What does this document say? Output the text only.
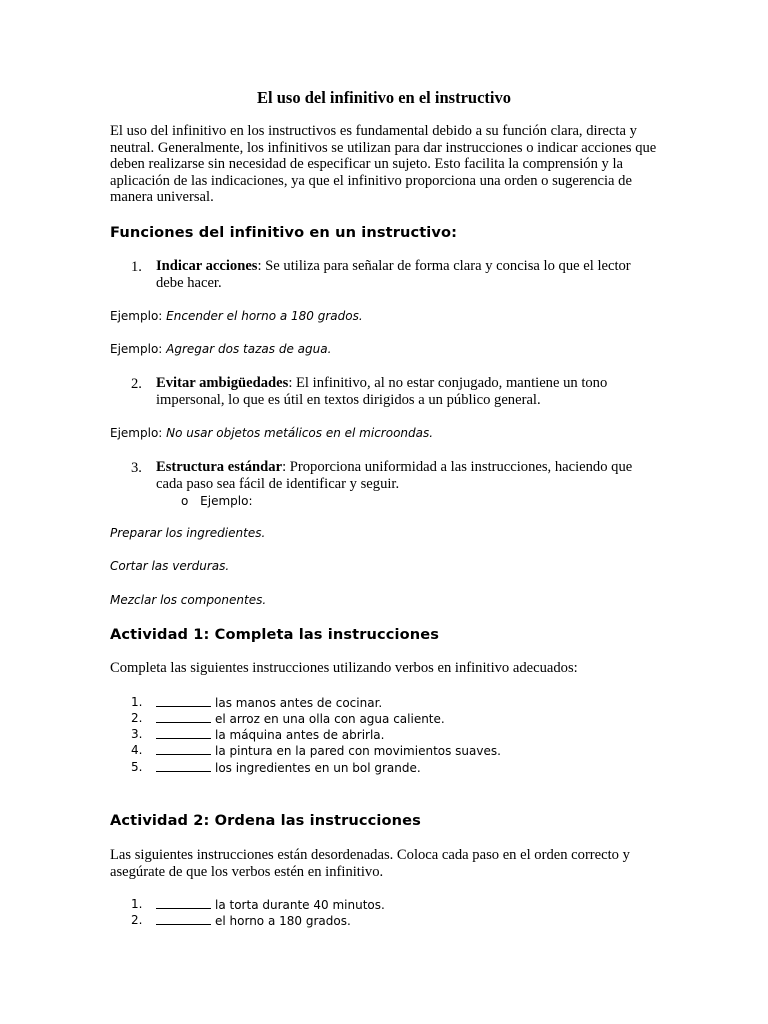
El uso del infinitivo en el instructivo

El uso del infinitivo en los instructivos es fundamental debido a su función clara, directa y neutral. Generalmente, los infinitivos se utilizan para dar instrucciones o indicar acciones que deben realizarse sin necesidad de especificar un sujeto. Esto facilita la comprensión y la aplicación de las indicaciones, ya que el infinitivo proporciona una orden o sugerencia de manera universal.

Funciones del infinitivo en un instructivo:
1. Indicar acciones: Se utiliza para señalar de forma clara y concisa lo que el lector debe hacer.
Ejemplo: Encender el horno a 180 grados.
Ejemplo: Agregar dos tazas de agua.
2. Evitar ambigüedades: El infinitivo, al no estar conjugado, mantiene un tono impersonal, lo que es útil en textos dirigidos a un público general.
Ejemplo: No usar objetos metálicos en el microondas.
3. Estructura estándar: Proporciona uniformidad a las instrucciones, haciendo que cada paso sea fácil de identificar y seguir.
o Ejemplo:
Preparar los ingredientes.
Cortar las verduras.
Mezclar los componentes.
Actividad 1: Completa las instrucciones

Completa las siguientes instrucciones utilizando verbos en infinitivo adecuados:

1.	las manos antes de cocinar.
2.	el arroz en una olla con agua caliente.
3.	la máquina antes de abrirla.
4.	la pintura en la pared con movimientos suaves.
5.	los ingredientes en un bol grande.
Actividad 2: Ordena las instrucciones

Las siguientes instrucciones están desordenadas. Coloca cada paso en el orden correcto y asegúrate de que los verbos estén en infinitivo.

1.	la torta durante 40 minutos.
2.	el horno a 180 grados.
